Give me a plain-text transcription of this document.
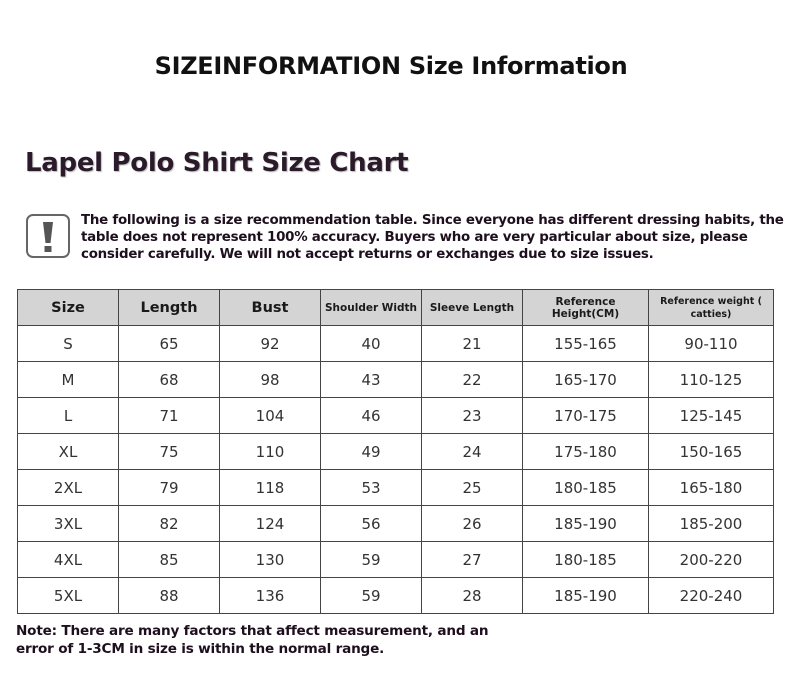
SIZEINFORMATION Size Information
Lapel Polo Shirt Size Chart
The following is a size recommendation table. Since everyone has different dressing habits, the table does not represent 100% accuracy. Buyers who are very particular about size, please consider carefully. We will not accept returns or exchanges due to size issues.
Size	Length	Bust	Shoulder Width	Sleeve Length	Reference Height(CM)	Reference weight ( catties)
S	65	92	40	21	155-165	90-110
M	68	98	43	22	165-170	110-125
L	71	104	46	23	170-175	125-145
XL	75	110	49	24	175-180	150-165
2XL	79	118	53	25	180-185	165-180
3XL	82	124	56	26	185-190	185-200
4XL	85	130	59	27	180-185	200-220
5XL	88	136	59	28	185-190	220-240
Note: There are many factors that affect measurement, and an
error of 1-3CM in size is within the normal range.
